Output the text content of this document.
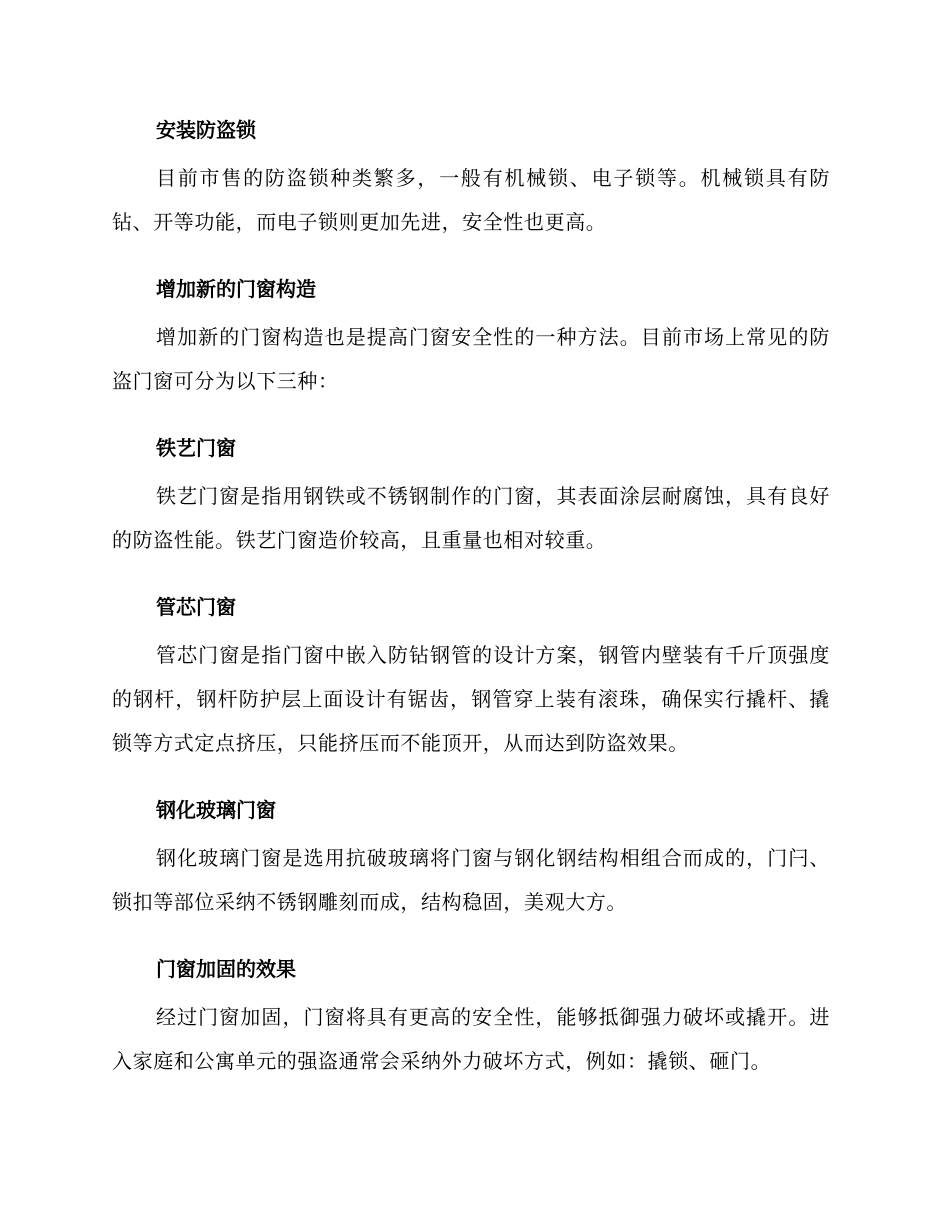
安装防盗锁

目前市售的防盗锁种类繁多，一般有机械锁、电子锁等。机械锁具有防钻、开等功能，而电子锁则更加先进，安全性也更高。

增加新的门窗构造

增加新的门窗构造也是提高门窗安全性的一种方法。目前市场上常见的防盗门窗可分为以下三种：

铁艺门窗

铁艺门窗是指用钢铁或不锈钢制作的门窗，其表面涂层耐腐蚀，具有良好的防盗性能。铁艺门窗造价较高，且重量也相对较重。

管芯门窗

管芯门窗是指门窗中嵌入防钻钢管的设计方案，钢管内壁装有千斤顶强度的钢杆，钢杆防护层上面设计有锯齿，钢管穿上装有滚珠，确保实行撬杆、撬锁等方式定点挤压，只能挤压而不能顶开，从而达到防盗效果。

钢化玻璃门窗

钢化玻璃门窗是选用抗破玻璃将门窗与钢化钢结构相组合而成的，门闩、锁扣等部位采纳不锈钢雕刻而成，结构稳固，美观大方。

门窗加固的效果

经过门窗加固，门窗将具有更高的安全性，能够抵御强力破坏或撬开。进入家庭和公寓单元的强盗通常会采纳外力破坏方式，例如：撬锁、砸门。
